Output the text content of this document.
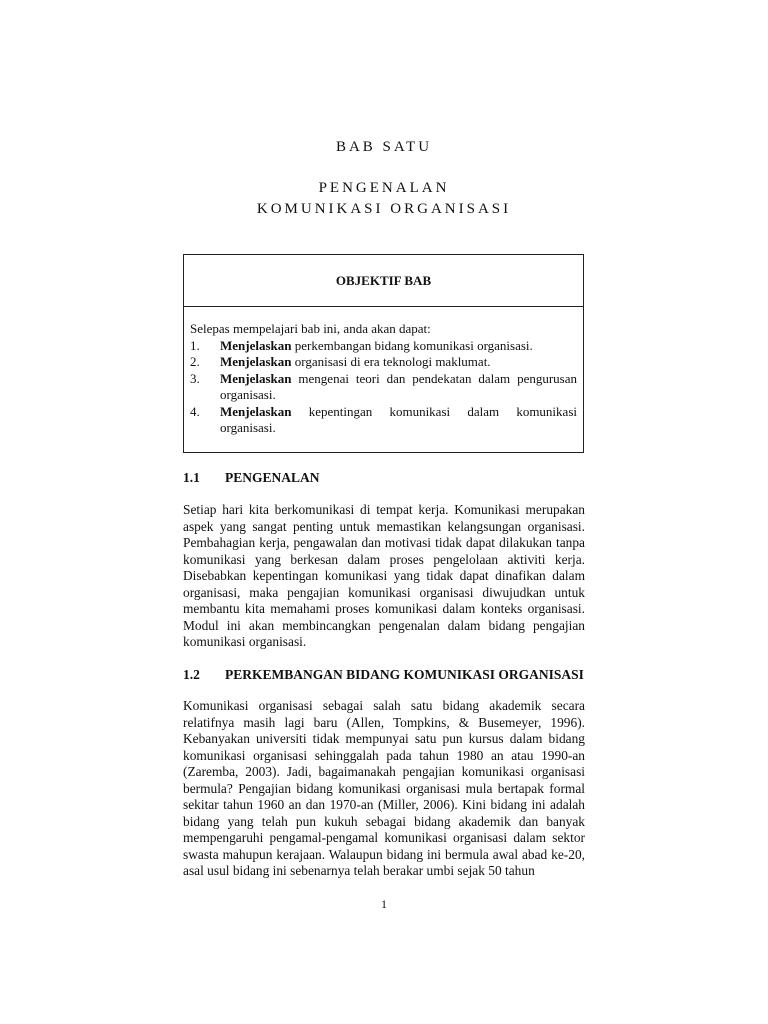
BAB SATU
PENGENALAN
KOMUNIKASI ORGANISASI
OBJEKTIF BAB
Selepas mempelajari bab ini, anda akan dapat:
1.	Menjelaskan perkembangan bidang komunikasi organisasi.
2.	Menjelaskan organisasi di era teknologi maklumat.
3.	Menjelaskan mengenai teori dan pendekatan dalam pengurusan organisasi.
4.	Menjelaskan kepentingan komunikasi dalam komunikasi organisasi.
1.1 PENGENALAN

Setiap hari kita berkomunikasi di tempat kerja. Komunikasi merupakan aspek yang sangat penting untuk memastikan kelangsungan organisasi. Pembahagian kerja, pengawalan dan motivasi tidak dapat dilakukan tanpa komunikasi yang berkesan dalam proses pengelolaan aktiviti kerja. Disebabkan kepentingan komunikasi yang tidak dapat dinafikan dalam organisasi, maka pengajian komunikasi organisasi diwujudkan untuk membantu kita memahami proses komunikasi dalam konteks organisasi. Modul ini akan membincangkan pengenalan dalam bidang pengajian komunikasi organisasi.

1.2 PERKEMBANGAN BIDANG KOMUNIKASI ORGANISASI

Komunikasi organisasi sebagai salah satu bidang akademik secara relatifnya masih lagi baru (Allen, Tompkins, & Busemeyer, 1996). Kebanyakan universiti tidak mempunyai satu pun kursus dalam bidang komunikasi organisasi sehinggalah pada tahun 1980 an atau 1990-an (Zaremba, 2003). Jadi, bagaimanakah pengajian komunikasi organisasi bermula? Pengajian bidang komunikasi organisasi mula bertapak formal sekitar tahun 1960 an dan 1970-an (Miller, 2006). Kini bidang ini adalah bidang yang telah pun kukuh sebagai bidang akademik dan banyak mempengaruhi pengamal-pengamal komunikasi organisasi dalam sektor swasta mahupun kerajaan. Walaupun bidang ini bermula awal abad ke-20, asal usul bidang ini sebenarnya telah berakar umbi sejak 50 tahun

1
